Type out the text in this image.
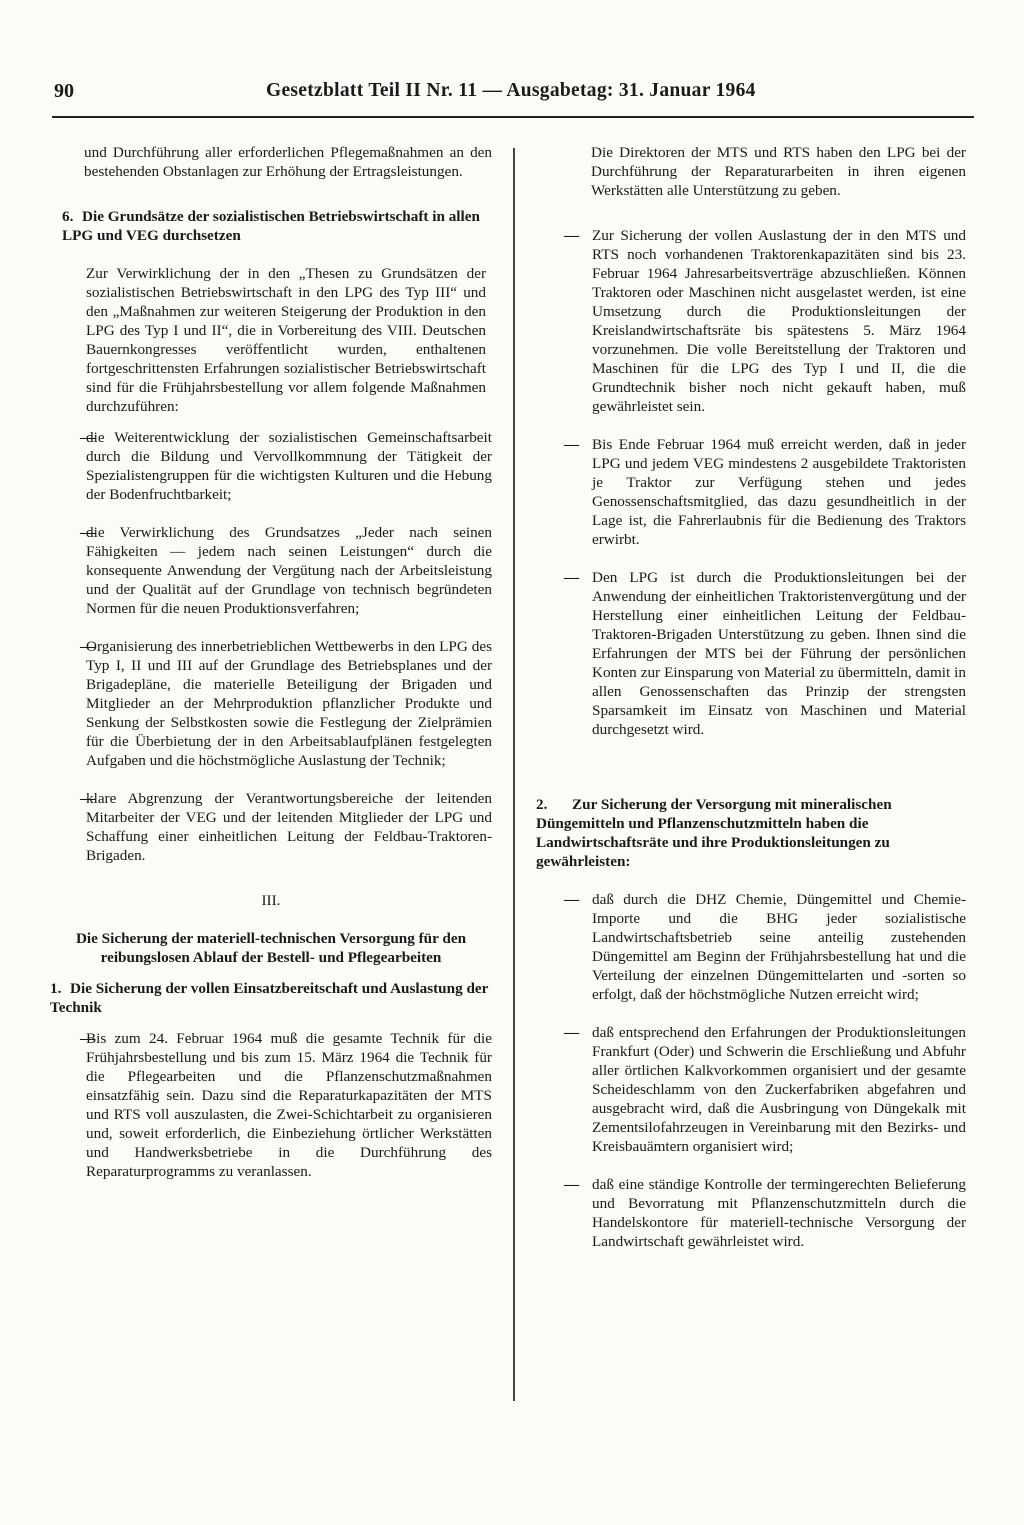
90	Gesetzblatt Teil II Nr. 11 — Ausgabetag: 31. Januar 1964

und Durchführung aller erforderlichen Pflegemaßnahmen an den bestehenden Obstanlagen zur Erhöhung der Ertragsleistungen.

6. Die Grundsätze der sozialistischen Betriebswirtschaft in allen LPG und VEG durchsetzen

Zur Verwirklichung der in den „Thesen zu Grundsätzen der sozialistischen Betriebswirtschaft in den LPG des Typ III“ und den „Maßnahmen zur weiteren Steigerung der Produktion in den LPG des Typ I und II“, die in Vorbereitung des VIII. Deutschen Bauernkongresses veröffentlicht wurden, enthaltenen fortgeschrittensten Erfahrungen sozialistischer Betriebswirtschaft sind für die Frühjahrsbestellung vor allem folgende Maßnahmen durchzuführen:

— die Weiterentwicklung der sozialistischen Gemeinschaftsarbeit durch die Bildung und Vervollkommnung der Tätigkeit der Spezialistengruppen für die wichtigsten Kulturen und die Hebung der Bodenfruchtbarkeit;

— die Verwirklichung des Grundsatzes „Jeder nach seinen Fähigkeiten — jedem nach seinen Leistungen“ durch die konsequente Anwendung der Vergütung nach der Arbeitsleistung und der Qualität auf der Grundlage von technisch begründeten Normen für die neuen Produktionsverfahren;

— Organisierung des innerbetrieblichen Wettbewerbs in den LPG des Typ I, II und III auf der Grundlage des Betriebsplanes und der Brigadepläne, die materielle Beteiligung der Brigaden und Mitglieder an der Mehrproduktion pflanzlicher Produkte und Senkung der Selbstkosten sowie die Festlegung der Zielprämien für die Überbietung der in den Arbeitsablaufplänen festgelegten Aufgaben und die höchstmögliche Auslastung der Technik;

— klare Abgrenzung der Verantwortungsbereiche der leitenden Mitarbeiter der VEG und der leitenden Mitglieder der LPG und Schaffung einer einheitlichen Leitung der Feldbau-Traktoren-Brigaden.

III.

Die Sicherung der materiell-technischen Versorgung für den reibungslosen Ablauf der Bestell- und Pflegearbeiten

1. Die Sicherung der vollen Einsatzbereitschaft und Auslastung der Technik

— Bis zum 24. Februar 1964 muß die gesamte Technik für die Frühjahrsbestellung und bis zum 15. März 1964 die Technik für die Pflegearbeiten und die Pflanzenschutzmaßnahmen einsatzfähig sein. Dazu sind die Reparaturkapazitäten der MTS und RTS voll auszulasten, die Zwei-Schichtarbeit zu organisieren und, soweit erforderlich, die Einbeziehung örtlicher Werkstätten und Handwerksbetriebe in die Durchführung des Reparaturprogramms zu veranlassen.

Die Direktoren der MTS und RTS haben den LPG bei der Durchführung der Reparaturarbeiten in ihren eigenen Werkstätten alle Unterstützung zu geben.

— Zur Sicherung der vollen Auslastung der in den MTS und RTS noch vorhandenen Traktorenkapazitäten sind bis 23. Februar 1964 Jahresarbeitsverträge abzuschließen. Können Traktoren oder Maschinen nicht ausgelastet werden, ist eine Umsetzung durch die Produktionsleitungen der Kreislandwirtschaftsräte bis spätestens 5. März 1964 vorzunehmen. Die volle Bereitstellung der Traktoren und Maschinen für die LPG des Typ I und II, die die Grundtechnik bisher noch nicht gekauft haben, muß gewährleistet sein.

— Bis Ende Februar 1964 muß erreicht werden, daß in jeder LPG und jedem VEG mindestens 2 ausgebildete Traktoristen je Traktor zur Verfügung stehen und jedes Genossenschaftsmitglied, das dazu gesundheitlich in der Lage ist, die Fahrerlaubnis für die Bedienung des Traktors erwirbt.

— Den LPG ist durch die Produktionsleitungen bei der Anwendung der einheitlichen Traktoristenvergütung und der Herstellung einer einheitlichen Leitung der Feldbau-Traktoren-Brigaden Unterstützung zu geben. Ihnen sind die Erfahrungen der MTS bei der Führung der persönlichen Konten zur Einsparung von Material zu übermitteln, damit in allen Genossenschaften das Prinzip der strengsten Sparsamkeit im Einsatz von Maschinen und Material durchgesetzt wird.

2. Zur Sicherung der Versorgung mit mineralischen Düngemitteln und Pflanzenschutzmitteln haben die Landwirtschaftsräte und ihre Produktionsleitungen zu gewährleisten:

— daß durch die DHZ Chemie, Düngemittel und Chemie-Importe und die BHG jeder sozialistische Landwirtschaftsbetrieb seine anteilig zustehenden Düngemittel am Beginn der Frühjahrsbestellung hat und die Verteilung der einzelnen Düngemittelarten und -sorten so erfolgt, daß der höchstmögliche Nutzen erreicht wird;

— daß entsprechend den Erfahrungen der Produktionsleitungen Frankfurt (Oder) und Schwerin die Erschließung und Abfuhr aller örtlichen Kalkvorkommen organisiert und der gesamte Scheideschlamm von den Zuckerfabriken abgefahren und ausgebracht wird, daß die Ausbringung von Düngekalk mit Zementsilofahrzeugen in Vereinbarung mit den Bezirks- und Kreisbauämtern organisiert wird;

— daß eine ständige Kontrolle der termingerechten Belieferung und Bevorratung mit Pflanzenschutzmitteln durch die Handelskontore für materiell-technische Versorgung der Landwirtschaft gewährleistet wird.
